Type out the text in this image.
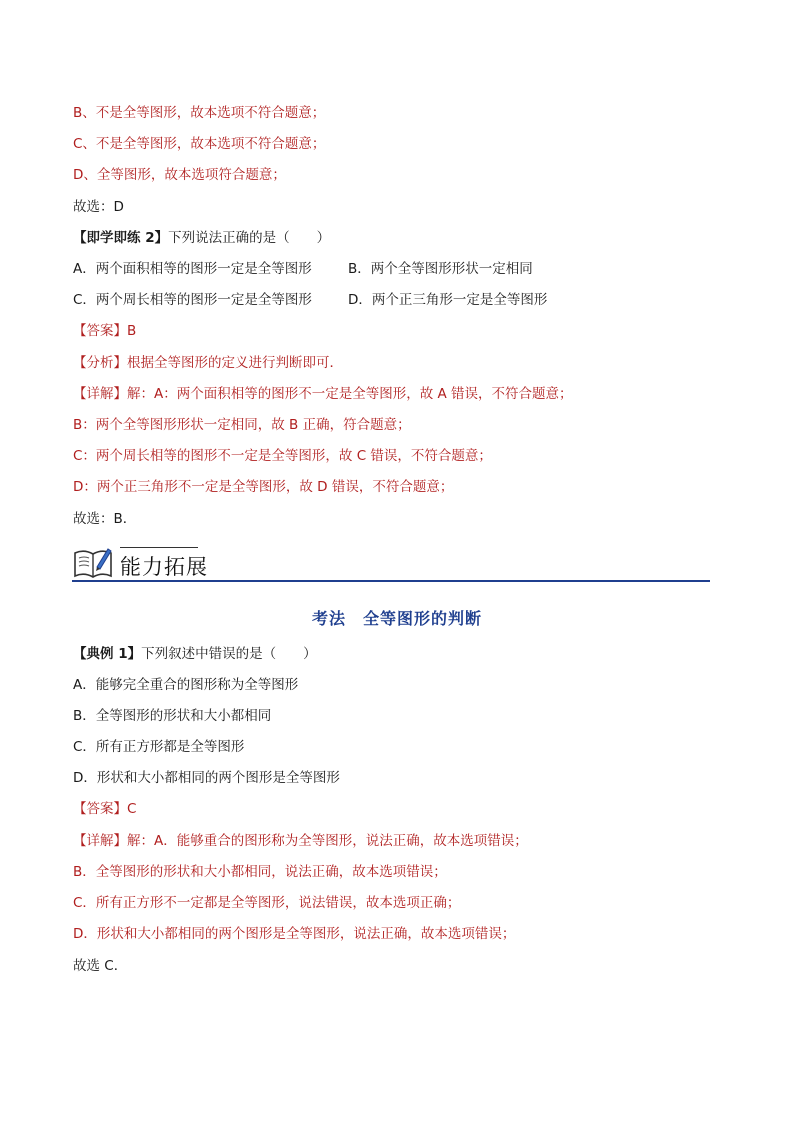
B、不是全等图形，故本选项不符合题意；
C、不是全等图形，故本选项不符合题意；
D、全等图形，故本选项符合题意；
故选：D
【即学即练 2】下列说法正确的是（　　）
A．两个面积相等的图形一定是全等图形	B．两个全等图形形状一定相同
C．两个周长相等的图形一定是全等图形	D．两个正三角形一定是全等图形
【答案】B
【分析】根据全等图形的定义进行判断即可．
【详解】解：A：两个面积相等的图形不一定是全等图形，故 A 错误，不符合题意；
B：两个全等图形形状一定相同，故 B 正确，符合题意；
C：两个周长相等的图形不一定是全等图形，故 C 错误，不符合题意；
D：两个正三角形不一定是全等图形，故 D 错误，不符合题意；
故选：B．
能力拓展
考法　全等图形的判断
【典例 1】下列叙述中错误的是（　　）
A．能够完全重合的图形称为全等图形
B．全等图形的形状和大小都相同
C．所有正方形都是全等图形
D．形状和大小都相同的两个图形是全等图形
【答案】C
【详解】解：A．能够重合的图形称为全等图形，说法正确，故本选项错误；
B．全等图形的形状和大小都相同，说法正确，故本选项错误；
C．所有正方形不一定都是全等图形，说法错误，故本选项正确；
D．形状和大小都相同的两个图形是全等图形，说法正确，故本选项错误；
故选 C．
